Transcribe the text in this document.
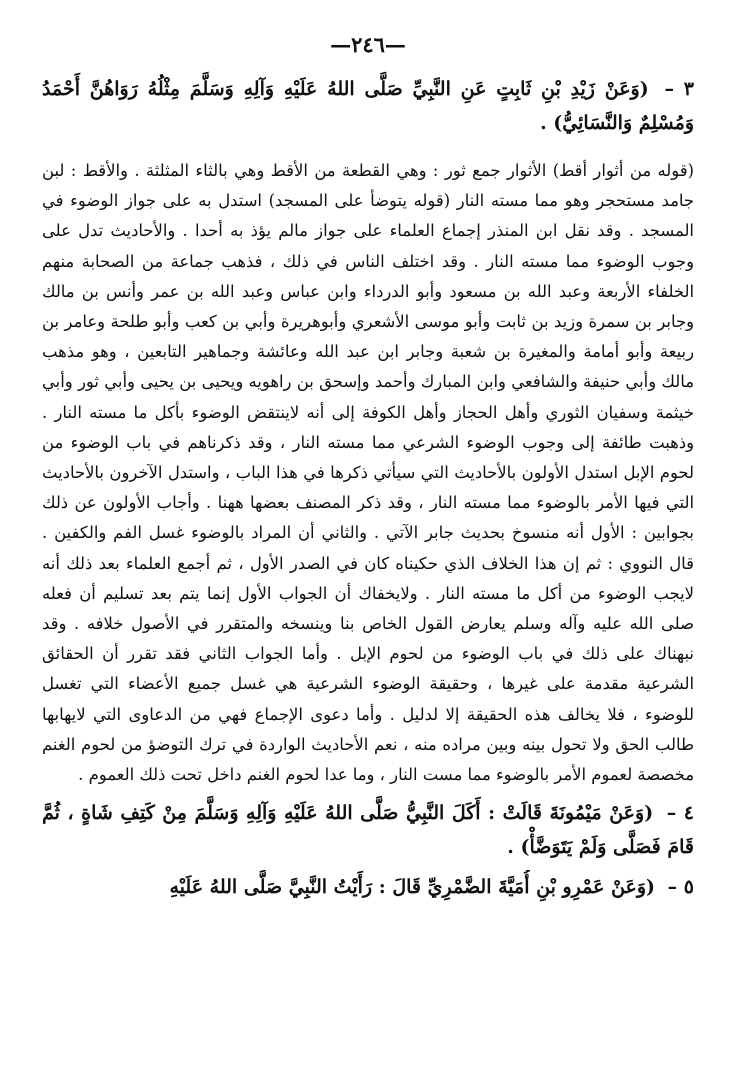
—٢٤٦—
٣ – (وَعَنْ زَيْدِ بْنِ ثَابِتٍ عَنِ النَّبِيِّ صَلَّى اللهُ عَلَيْهِ وَآلِهِ وَسَلَّمَ مِثْلُهُ رَوَاهُنَّ أَحْمَدُ وَمُسْلِمٌ وَالنَّسَائِيُّ) .

(قوله من أثوار أقط) الأثوار جمع ثور : وهي القطعة من الأقط وهي بالثاء المثلثة . والأقط : لبن جامد مستحجر وهو مما مسته النار (قوله يتوضأ على المسجد) استدل به على جواز الوضوء في المسجد . وقد نقل ابن المنذر إجماع العلماء على جواز مالم يؤذ به أحدا . والأحاديث تدل على وجوب الوضوء مما مسته النار . وقد اختلف الناس في ذلك ، فذهب جماعة من الصحابة منهم الخلفاء الأربعة وعبد الله بن مسعود وأبو الدرداء وابن عباس وعبد الله بن عمر وأنس بن مالك وجابر بن سمرة وزيد بن ثابت وأبو موسى الأشعري وأبوهريرة وأبي بن كعب وأبو طلحة وعامر بن ربيعة وأبو أمامة والمغيرة بن شعبة وجابر ابن عبد الله وعائشة وجماهير التابعين ، وهو مذهب مالك وأبي حنيفة والشافعي وابن المبارك وأحمد وإسحق بن راهويه ويحيى بن يحيى وأبي ثور وأبي خيثمة وسفيان الثوري وأهل الحجاز وأهل الكوفة إلى أنه لاينتقض الوضوء بأكل ما مسته النار . وذهبت طائفة إلى وجوب الوضوء الشرعي مما مسته النار ، وقد ذكرناهم في باب الوضوء من لحوم الإبل استدل الأولون بالأحاديث التي سيأتي ذكرها في هذا الباب ، واستدل الآخرون بالأحاديث التي فيها الأمر بالوضوء مما مسته النار ، وقد ذكر المصنف بعضها ههنا . وأجاب الأولون عن ذلك بجوابين : الأول أنه منسوخ بحديث جابر الآتي . والثاني أن المراد بالوضوء غسل الفم والكفين . قال النووي : ثم إن هذا الخلاف الذي حكيناه كان في الصدر الأول ، ثم أجمع العلماء بعد ذلك أنه لايجب الوضوء من أكل ما مسته النار . ولايخفاك أن الجواب الأول إنما يتم بعد تسليم أن فعله صلى الله عليه وآله وسلم يعارض القول الخاص بنا وينسخه والمتقرر في الأصول خلافه . وقد نبهناك على ذلك في باب الوضوء من لحوم الإبل . وأما الجواب الثاني فقد تقرر أن الحقائق الشرعية مقدمة على غيرها ، وحقيقة الوضوء الشرعية هي غسل جميع الأعضاء التي تغسل للوضوء ، فلا يخالف هذه الحقيقة إلا لدليل . وأما دعوى الإجماع فهي من الدعاوى التي لايهابها طالب الحق ولا تحول بينه وبين مراده منه ، نعم الأحاديث الواردة في ترك التوضؤ من لحوم الغنم مخصصة لعموم الأمر بالوضوء مما مست النار ، وما عدا لحوم الغنم داخل تحت ذلك العموم .

٤ – (وَعَنْ مَيْمُونَةَ قَالَتْ : أَكَلَ النَّبِيُّ صَلَّى اللهُ عَلَيْهِ وَآلِهِ وَسَلَّمَ مِنْ كَتِفِ شَاةٍ ، ثُمَّ قَامَ فَصَلَّى وَلَمْ يَتَوَضَّأْ) .
٥ – (وَعَنْ عَمْرِو بْنِ أُمَيَّةَ الضَّمْرِيِّ قَالَ : رَأَيْتُ النَّبِيَّ صَلَّى اللهُ عَلَيْهِ
